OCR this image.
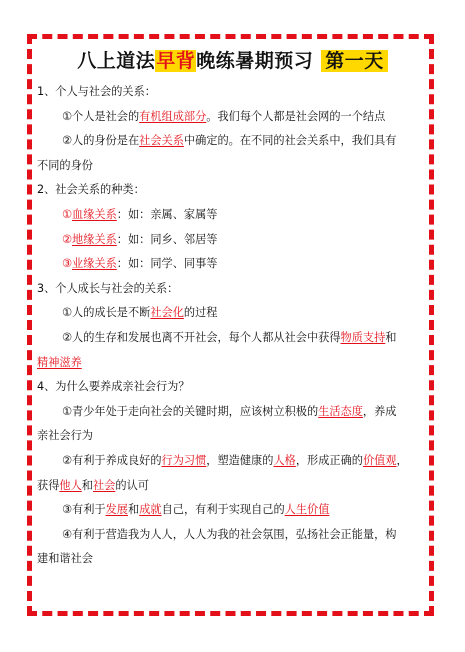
八上道法早背晚练暑期预习 第一天
1、个人与社会的关系：
①个人是社会的有机组成部分。我们每个人都是社会网的一个结点
②人的身份是在社会关系中确定的。在不同的社会关系中，我们具有
不同的身份
2、社会关系的种类：
①血缘关系：如：亲属、家属等
②地缘关系：如：同乡、邻居等
③业缘关系：如：同学、同事等
3、个人成长与社会的关系：
①人的成长是不断社会化的过程
②人的生存和发展也离不开社会，每个人都从社会中获得物质支持和
精神滋养
4、为什么要养成亲社会行为？
①青少年处于走向社会的关键时期，应该树立积极的生活态度，养成
亲社会行为
②有利于养成良好的行为习惯，塑造健康的人格，形成正确的价值观，
获得他人和社会的认可
③有利于发展和成就自己，有利于实现自己的人生价值
④有利于营造我为人人，人人为我的社会氛围，弘扬社会正能量，构
建和谐社会
